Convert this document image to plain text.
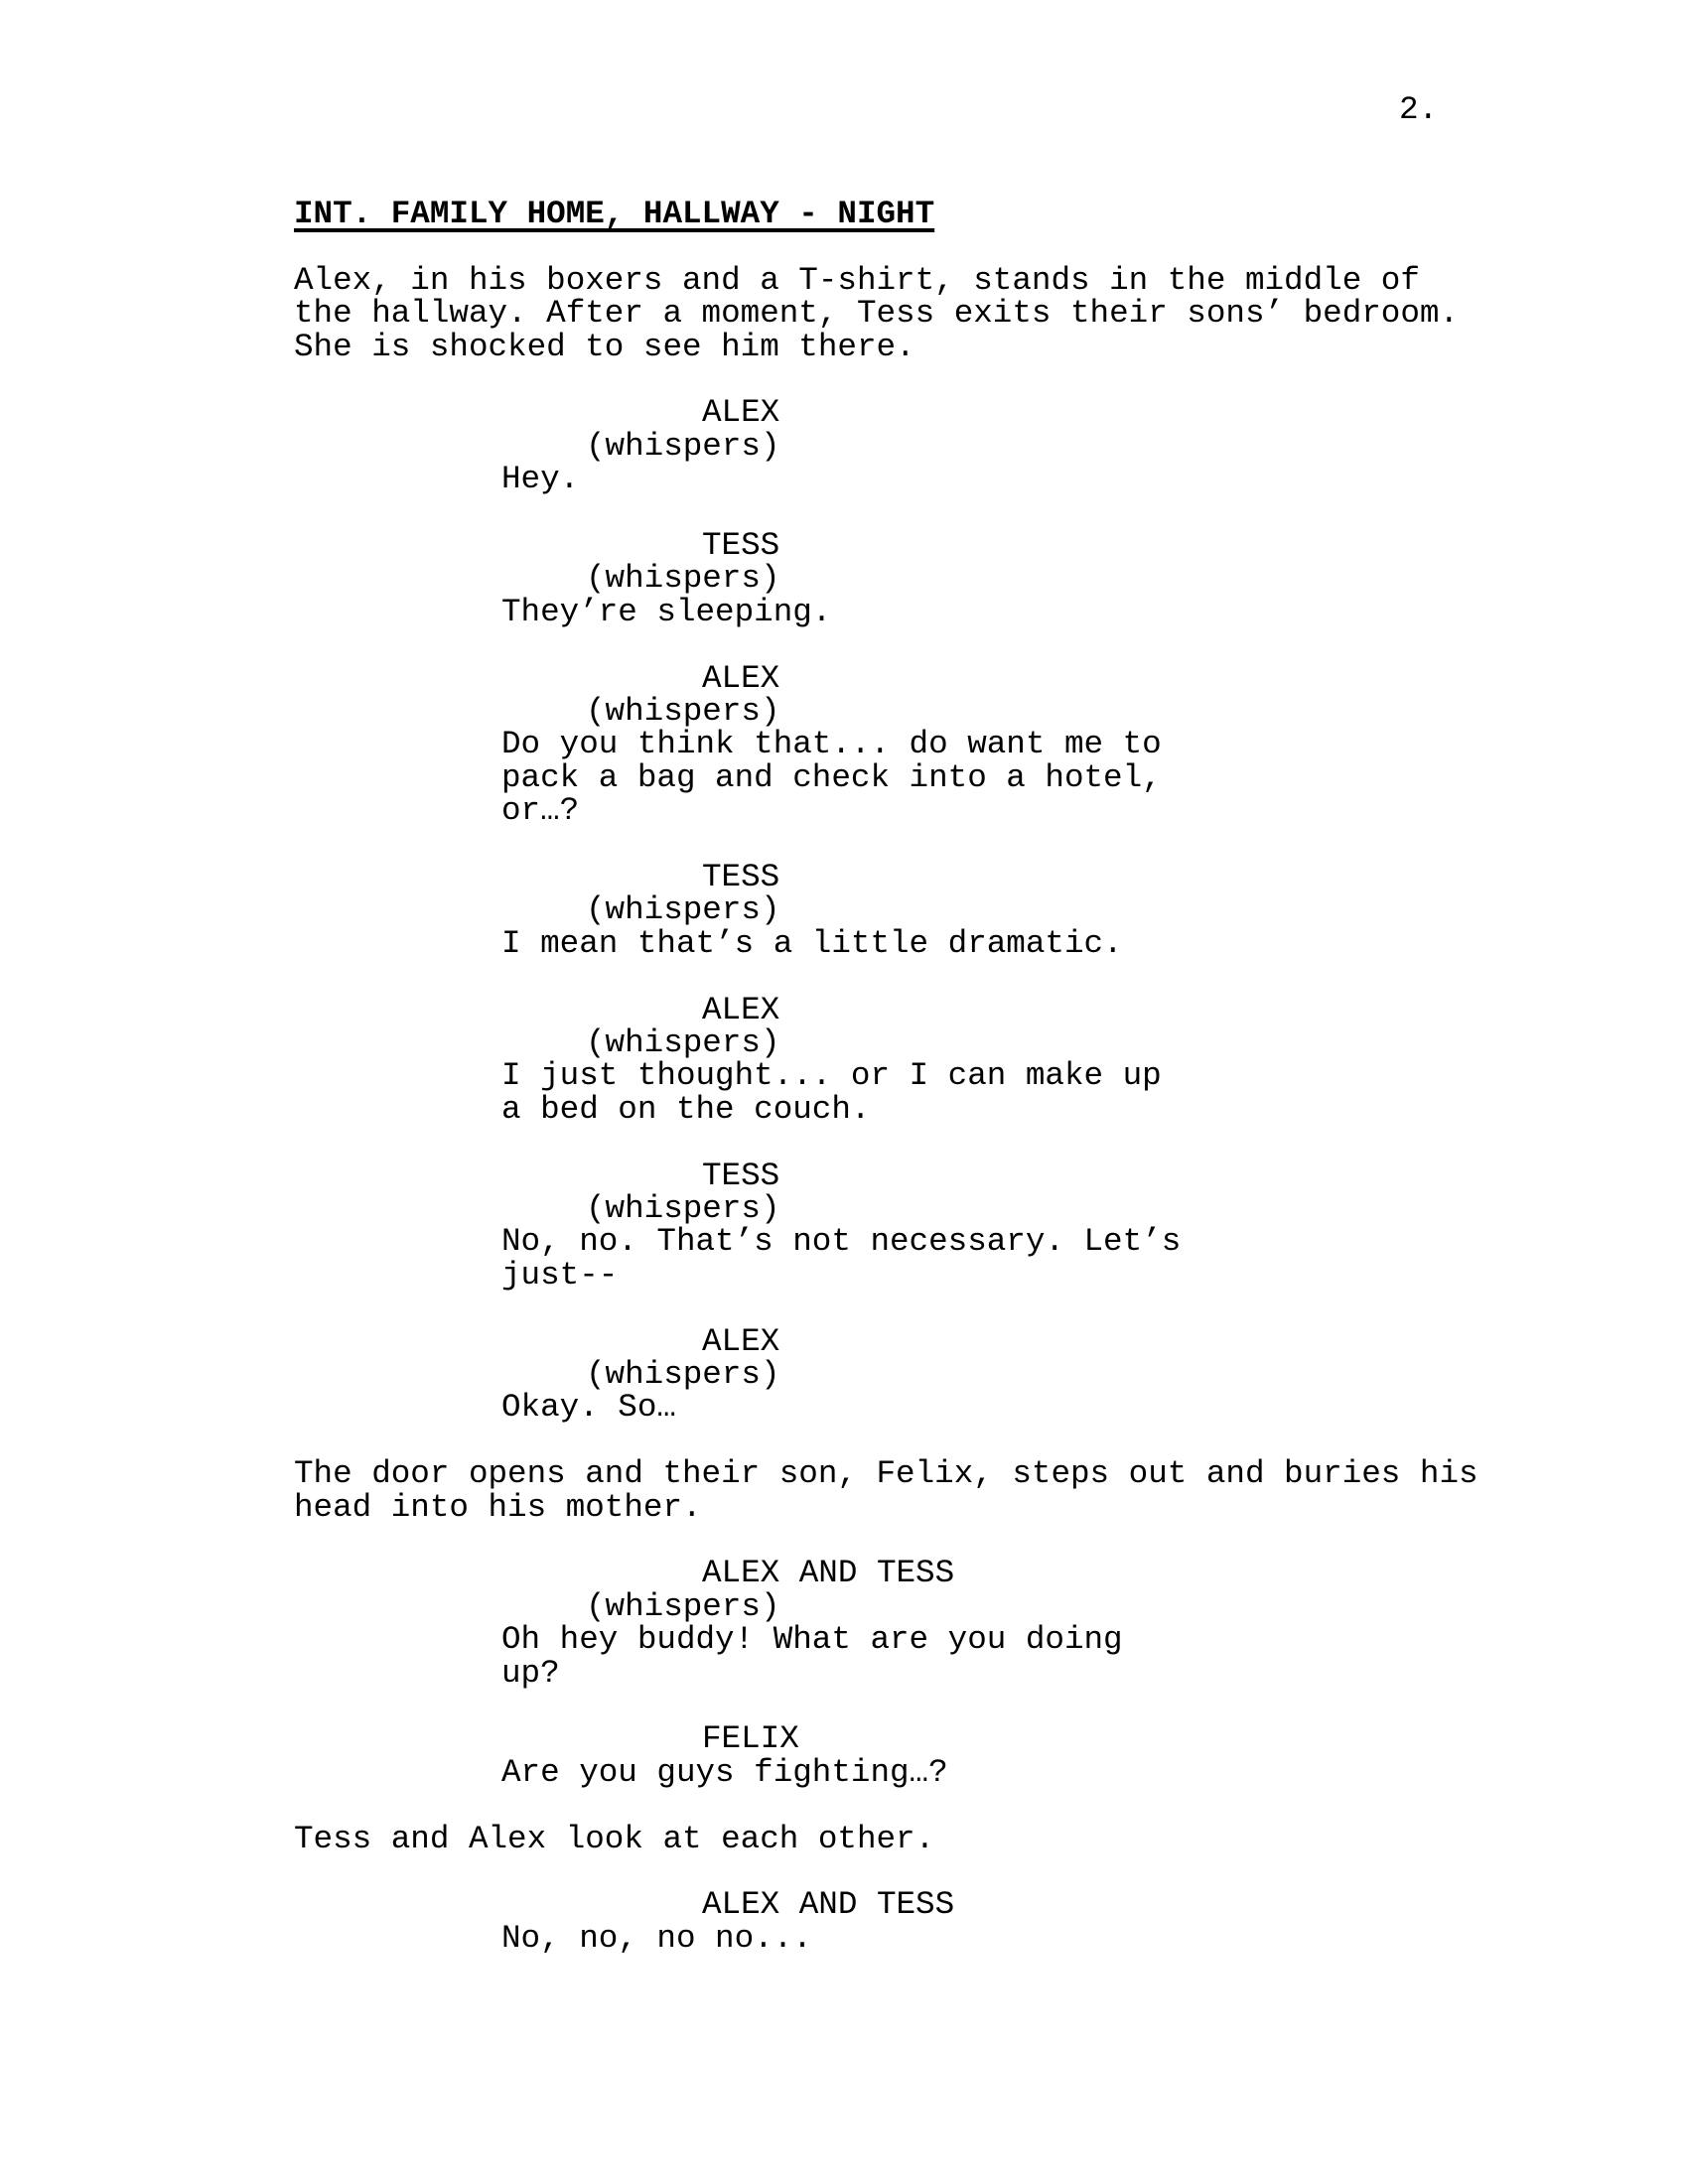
2.
INT. FAMILY HOME, HALLWAY - NIGHT
Alex, in his boxers and a T-shirt, stands in the middle of
the hallway. After a moment, Tess exits their sons’ bedroom.
She is shocked to see him there.
ALEX
(whispers)
Hey.
TESS
(whispers)
They’re sleeping.
ALEX
(whispers)
Do you think that... do want me to
pack a bag and check into a hotel,
or…?
TESS
(whispers)
I mean that’s a little dramatic.
ALEX
(whispers)
I just thought... or I can make up
a bed on the couch.
TESS
(whispers)
No, no. That’s not necessary. Let’s
just--
ALEX
(whispers)
Okay. So…
The door opens and their son, Felix, steps out and buries his
head into his mother.
ALEX AND TESS
(whispers)
Oh hey buddy! What are you doing
up?
FELIX
Are you guys fighting…?
Tess and Alex look at each other.
ALEX AND TESS
No, no, no no...
